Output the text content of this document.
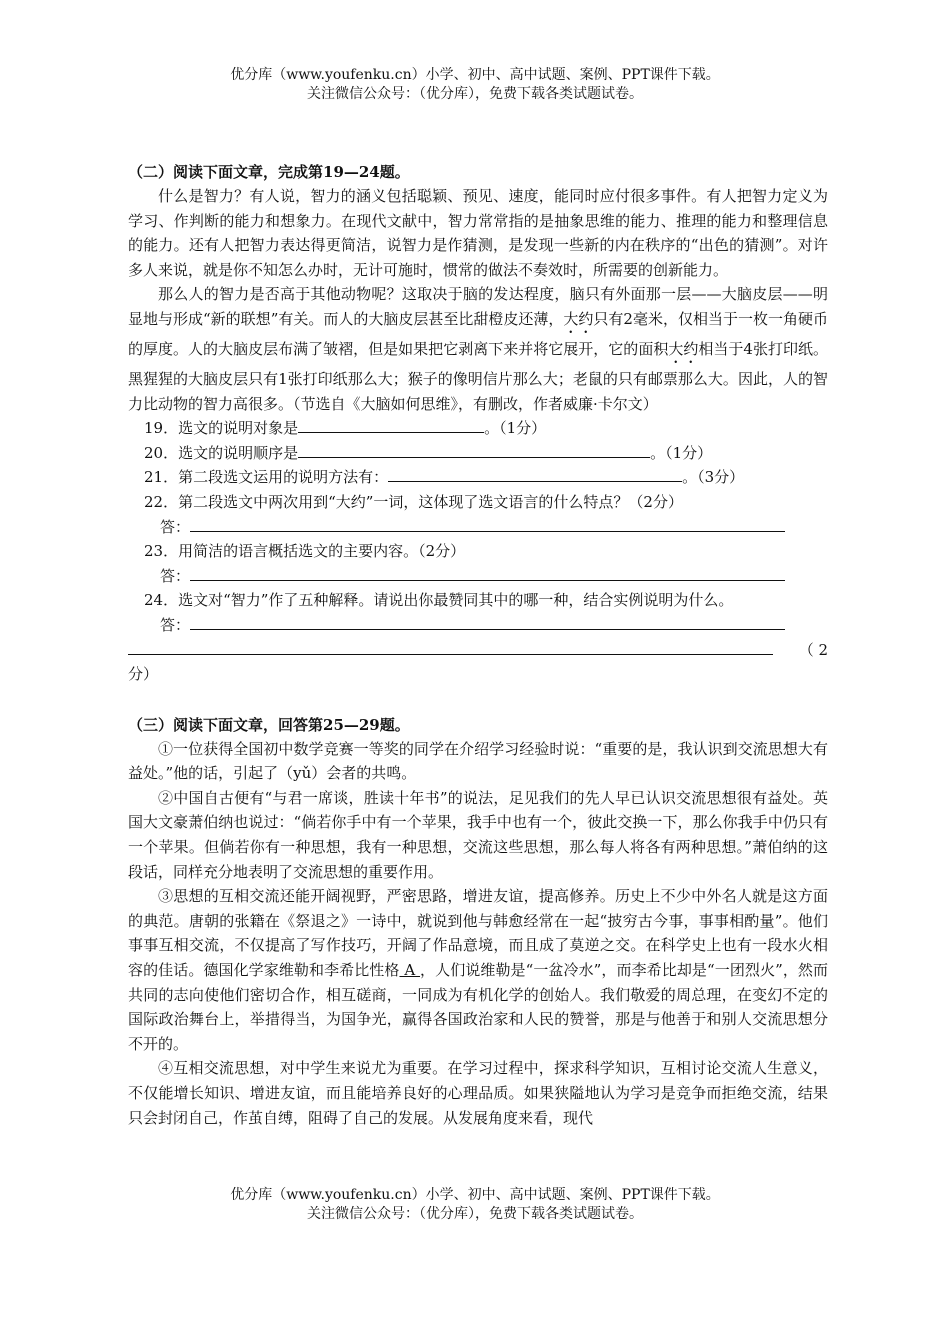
优分库（www.youfenku.cn）小学、初中、高中试题、案例、PPT课件下载。
关注微信公众号：（优分库），免费下载各类试题试卷。
（二）阅读下面文章，完成第19—24题。
什么是智力？有人说，智力的涵义包括聪颖、预见、速度，能同时应付很多事件。有人把智力定义为学习、作判断的能力和想象力。在现代文献中，智力常常指的是抽象思维的能力、推理的能力和整理信息的能力。还有人把智力表达得更简洁，说智力是作猜测，是发现一些新的内在秩序的“出色的猜测”。对许多人来说，就是你不知怎么办时，无计可施时，惯常的做法不奏效时，所需要的创新能力。
那么人的智力是否高于其他动物呢？这取决于脑的发达程度，脑只有外面那一层——大脑皮层——明显地与形成“新的联想”有关。而人的大脑皮层甚至比甜橙皮还薄，大约只有2毫米，仅相当于一枚一角硬币的厚度。人的大脑皮层布满了皱褶，但是如果把它剥离下来并将它展开，它的面积大约相当于4张打印纸。黑猩猩的大脑皮层只有1张打印纸那么大；猴子的像明信片那么大；老鼠的只有邮票那么大。因此，人的智力比动物的智力高很多。（节选自《大脑如何思维》，有删改，作者威廉·卡尔文）
19．选文的说明对象是	。（1分）
20．选文的说明顺序是	。（1分）
21．第二段选文运用的说明方法有：	。（3分）
22．第二段选文中两次用到“大约”一词，这体现了选文语言的什么特点？（2分）
答：
23．用简洁的语言概括选文的主要内容。（2分）
答：
24．选文对“智力”作了五种解释。请说出你最赞同其中的哪一种，结合实例说明为什么。
答：
（ 2
分）
（三）阅读下面文章，回答第25—29题。
①一位获得全国初中数学竞赛一等奖的同学在介绍学习经验时说：“重要的是，我认识到交流思想大有益处。”他的话，引起了（yǔ）会者的共鸣。
②中国自古便有“与君一席谈，胜读十年书”的说法，足见我们的先人早已认识交流思想很有益处。英国大文豪萧伯纳也说过：“倘若你手中有一个苹果，我手中也有一个，彼此交换一下，那么你我手中仍只有一个苹果。但倘若你有一种思想，我有一种思想，交流这些思想，那么每人将各有两种思想。”萧伯纳的这段话，同样充分地表明了交流思想的重要作用。
③思想的互相交流还能开阔视野，严密思路，增进友谊，提高修养。历史上不少中外名人就是这方面的典范。唐朝的张籍在《祭退之》一诗中，就说到他与韩愈经常在一起“披穷古今事，事事相酌量”。他们事事互相交流，不仅提高了写作技巧，开阔了作品意境，而且成了莫逆之交。在科学史上也有一段水火相容的佳话。德国化学家维勒和李希比性格 A ，人们说维勒是“一盆冷水”，而李希比却是“一团烈火”，然而共同的志向使他们密切合作，相互磋商，一同成为有机化学的创始人。我们敬爱的周总理，在变幻不定的国际政治舞台上，举措得当，为国争光，赢得各国政治家和人民的赞誉，那是与他善于和别人交流思想分不开的。
④互相交流思想，对中学生来说尤为重要。在学习过程中，探求科学知识，互相讨论交流人生意义，不仅能增长知识、增进友谊，而且能培养良好的心理品质。如果狭隘地认为学习是竞争而拒绝交流，结果只会封闭自己，作茧自缚，阻碍了自己的发展。从发展角度来看，现代
优分库（www.youfenku.cn）小学、初中、高中试题、案例、PPT课件下载。
关注微信公众号：（优分库），免费下载各类试题试卷。
